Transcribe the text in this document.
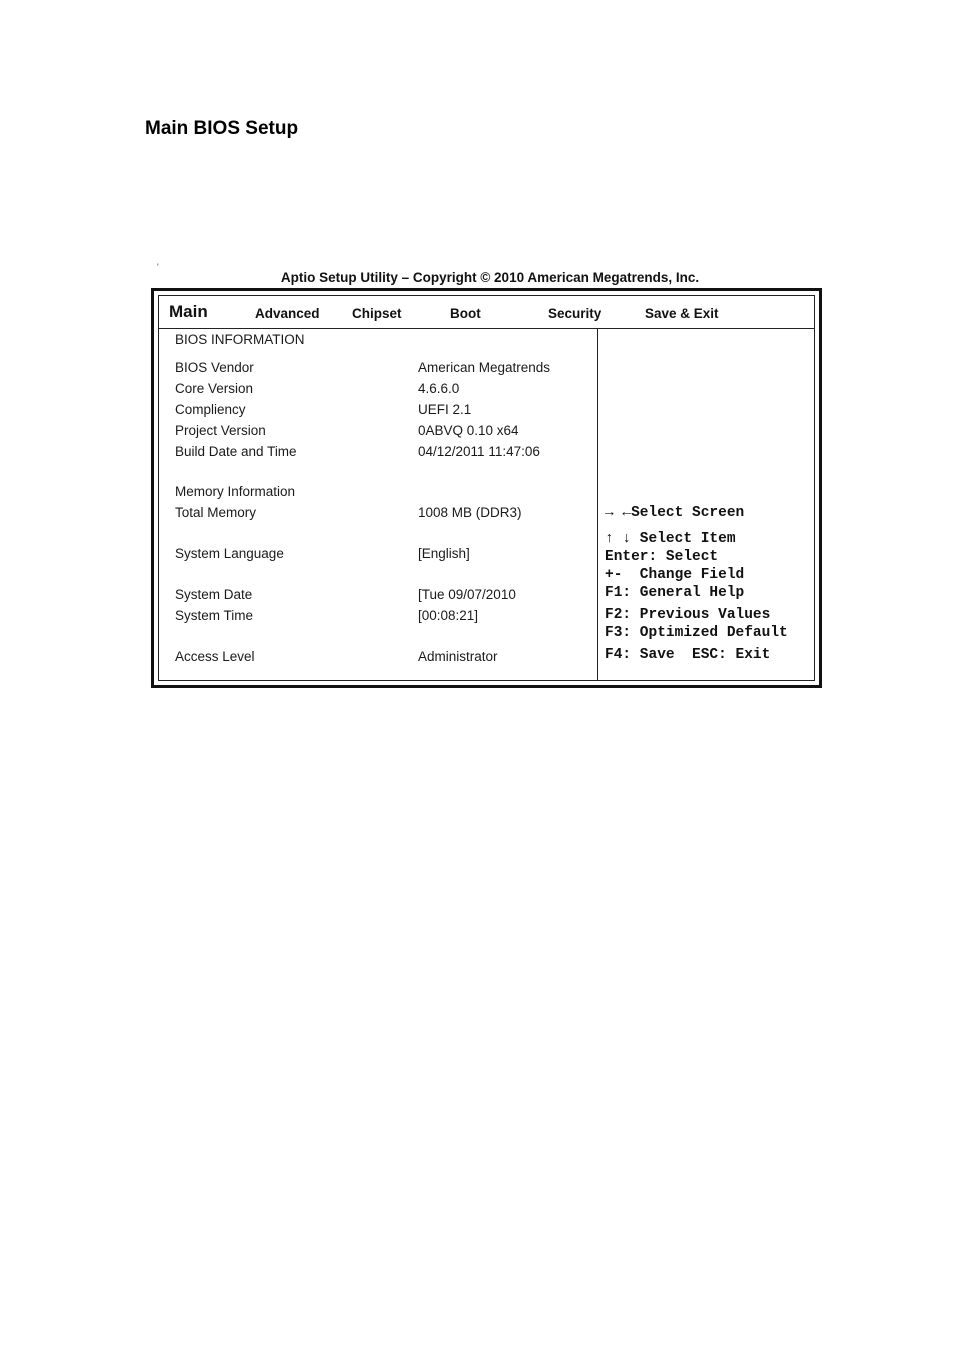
Main BIOS Setup
'
Aptio Setup Utility – Copyright © 2010 American Megatrends, Inc.
Main	Advanced Chipset	Boot	Security	Save & Exit
BIOS INFORMATION
BIOS Vendor	American Megatrends
Core Version	4.6.6.0
Compliency	UEFI 2.1
Project Version	0ABVQ 0.10 x64
Build Date and Time	04/12/2011 11:47:06
Memory Information
Total Memory	1008 MB (DDR3)
System Language	[English]
System Date	[Tue 09/07/2010
System Time	[00:08:21]
Access Level	Administrator
→ ←Select Screen
↑ ↓ Select Item
Enter: Select
+-  Change Field
F1: General Help
F2: Previous Values
F3: Optimized Default
F4: Save  ESC: Exit
